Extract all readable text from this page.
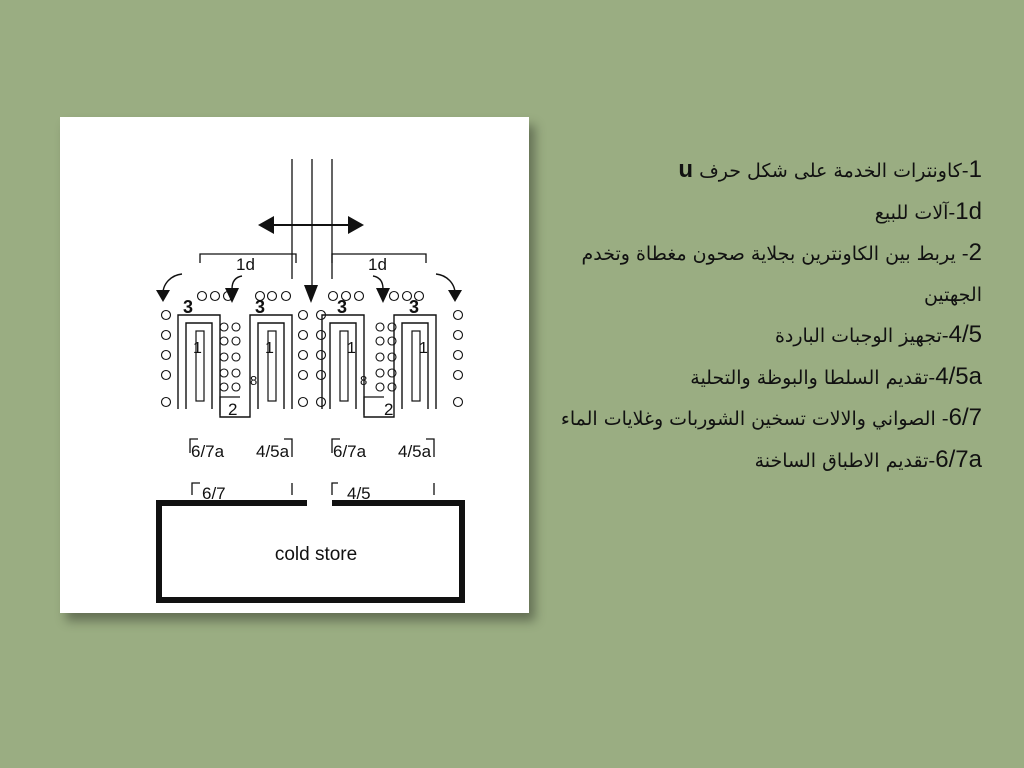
1d	1d
3	3
1	1
8
2
3	3
1	1
8
2
6/7a 4/5a	6/7a 4/5a
6/7	4/5
cold store
1-كاونترات الخدمة على شكل حرف u
1d-آلات للبيع
2- يربط بين الكاونترين بجلاية صحون مغطاة وتخدم الجهتين
4/5-تجهيز الوجبات الباردة
4/5a-تقديم السلطا والبوظة والتحلية
6/7- الصواني والالات تسخين الشوربات وغلايات الماء
6/7a-تقديم الاطباق الساخنة
